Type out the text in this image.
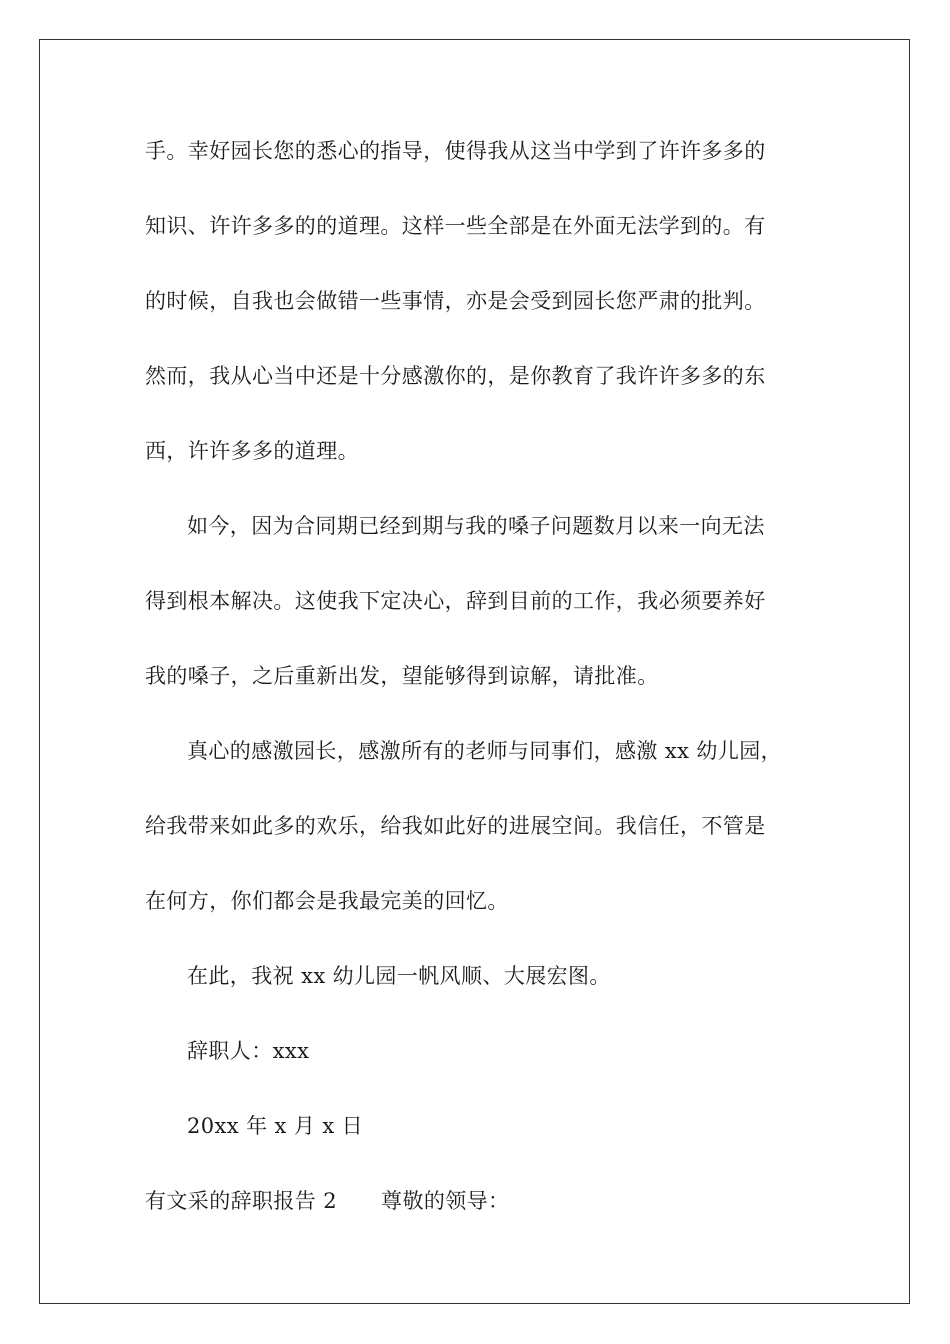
手。幸好园长您的悉心的指导，使得我从这当中学到了许许多多的
知识、许许多多的的道理。这样一些全部是在外面无法学到的。有
的时候，自我也会做错一些事情，亦是会受到园长您严肃的批判。
然而，我从心当中还是十分感激你的，是你教育了我许许多多的东
西，许许多多的道理。
如今，因为合同期已经到期与我的嗓子问题数月以来一向无法
得到根本解决。这使我下定决心，辞到目前的工作，我必须要养好
我的嗓子，之后重新出发，望能够得到谅解，请批准。
真心的感激园长，感激所有的老师与同事们，感激 xx 幼儿园，
给我带来如此多的欢乐，给我如此好的进展空间。我信任，不管是
在何方，你们都会是我最完美的回忆。
在此，我祝 xx 幼儿园一帆风顺、大展宏图。
辞职人：xxx
20xx 年 x 月 x 日
有文采的辞职报告 2 尊敬的领导：
